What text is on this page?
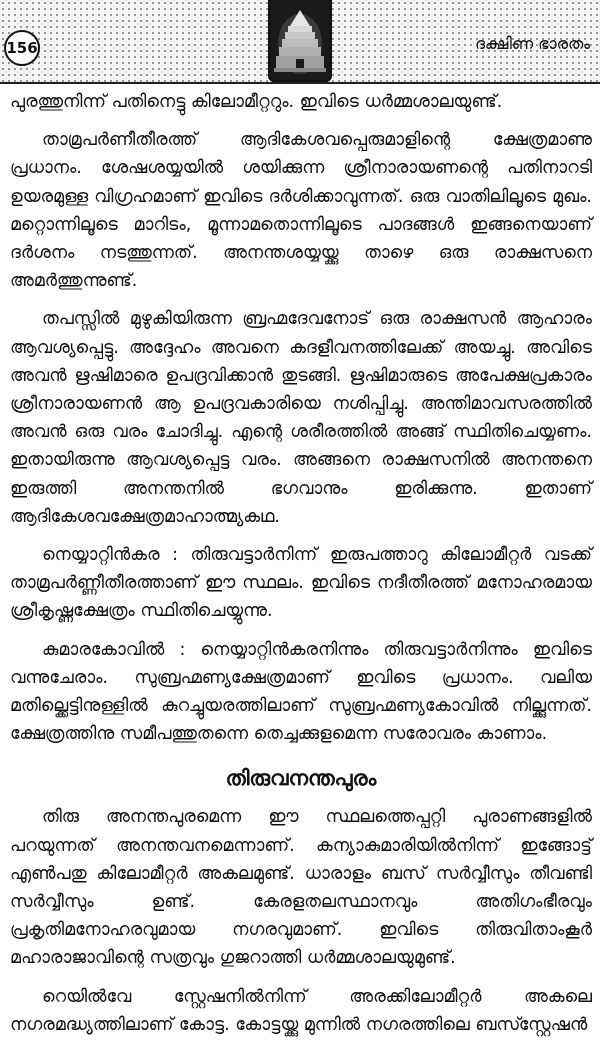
156	ദക്ഷിണ ഭാരതം

പുരത്തുനിന്ന് പതിനെട്ടു കിലോമീറ്ററും. ഇവിടെ ധർമ്മശാലയുണ്ട്.

താമ്രപർണീതീരത്ത് ആദികേശവപ്പെരുമാളിന്റെ ക്ഷേത്രമാണു പ്രധാനം. ശേഷശയ്യയിൽ ശയിക്കുന്ന ശ്രീനാരായണന്റെ പതിനാറടി ഉയരമുള്ള വിഗ്രഹമാണ് ഇവിടെ ദർശിക്കാവുന്നത്. ഒരു വാതിലിലൂടെ മുഖം. മറ്റൊന്നിലൂടെ മാറിടം, മൂന്നാമതൊന്നിലൂടെ പാദങ്ങൾ ഇങ്ങനെയാണ് ദർശനം നടത്തുന്നത്. അനന്തശയ്യയ്ക്കു താഴെ ഒരു രാക്ഷസനെ അമർത്തുന്നുണ്ട്.

തപസ്സിൽ മുഴുകിയിരുന്ന ബ്രഹ്മദേവനോട് ഒരു രാക്ഷസൻ ആഹാരം ആവശ്യപ്പെട്ടു. അദ്ദേഹം അവനെ കദളീവനത്തിലേക്ക് അയച്ചു. അവിടെ അവൻ ഋഷിമാരെ ഉപദ്രവിക്കാൻ തുടങ്ങി. ഋഷിമാരുടെ അപേക്ഷപ്രകാരം ശ്രീനാരായണൻ ആ ഉപദ്രവകാരിയെ നശിപ്പിച്ചു. അന്തിമാവസരത്തിൽ അവൻ ഒരു വരം ചോദിച്ചു. എന്റെ ശരീരത്തിൽ അങ്ങ് സ്ഥിതിചെയ്യണം. ഇതായിരുന്നു ആവശ്യപ്പെട്ട വരം. അങ്ങനെ രാക്ഷസനിൽ അനന്തനെ ഇരുത്തി അനന്തനിൽ ഭഗവാനും ഇരിക്കുന്നു. ഇതാണ് ആദികേശവക്ഷേത്രമാഹാത്മ്യകഥ.

നെയ്യാറ്റിൻകര : തിരുവട്ടാർനിന്ന് ഇരുപത്താറു കിലോമീറ്റർ വടക്ക് താമ്രപർണ്ണീതീരത്താണ് ഈ സ്ഥലം. ഇവിടെ നദീതീരത്ത് മനോഹരമായ ശ്രീകൃഷ്ണക്ഷേത്രം സ്ഥിതിചെയ്യുന്നു.

കുമാരകോവിൽ : നെയ്യാറ്റിൻകരനിന്നും തിരുവട്ടാർനിന്നും ഇവിടെ വന്നുചേരാം. സുബ്രഹ്മണ്യക്ഷേത്രമാണ് ഇവിടെ പ്രധാനം. വലിയ മതില്ക്കെട്ടിനുള്ളിൽ കുറച്ചുയരത്തിലാണ് സുബ്രഹ്മണ്യകോവിൽ നില്ക്കുന്നത്. ക്ഷേത്രത്തിനു സമീപത്തുതന്നെ തെച്ചക്കുളമെന്ന സരോവരം കാണാം.

തിരുവനന്തപുരം

തിരു അനന്തപുരമെന്ന ഈ സ്ഥലത്തെപ്പറ്റി പുരാണങ്ങളിൽ പറയുന്നത് അനന്തവനമെന്നാണ്. കന്യാകുമാരിയിൽനിന്ന് ഇങ്ങോട്ട് എൺപതു കിലോമീറ്റർ അകലമുണ്ട്. ധാരാളം ബസ് സർവ്വീസും തീവണ്ടി സർവ്വീസും ഉണ്ട്. കേരളതലസ്ഥാനവും അതിഗംഭീരവും പ്രകൃതിമനോഹരവുമായ നഗരവുമാണ്. ഇവിടെ തിരുവിതാംകൂർ മഹാരാജാവിന്റെ സത്രവും ഗുജറാത്തി ധർമ്മശാലയുമുണ്ട്.

റെയിൽവേ സ്റ്റേഷനിൽനിന്ന് അരക്കിലോമീറ്റർ അകലെ നഗരമദ്ധ്യത്തിലാണ് കോട്ട. കോട്ടയ്ക്കു മുന്നിൽ നഗരത്തിലെ ബസ്സ്റ്റേഷൻ
